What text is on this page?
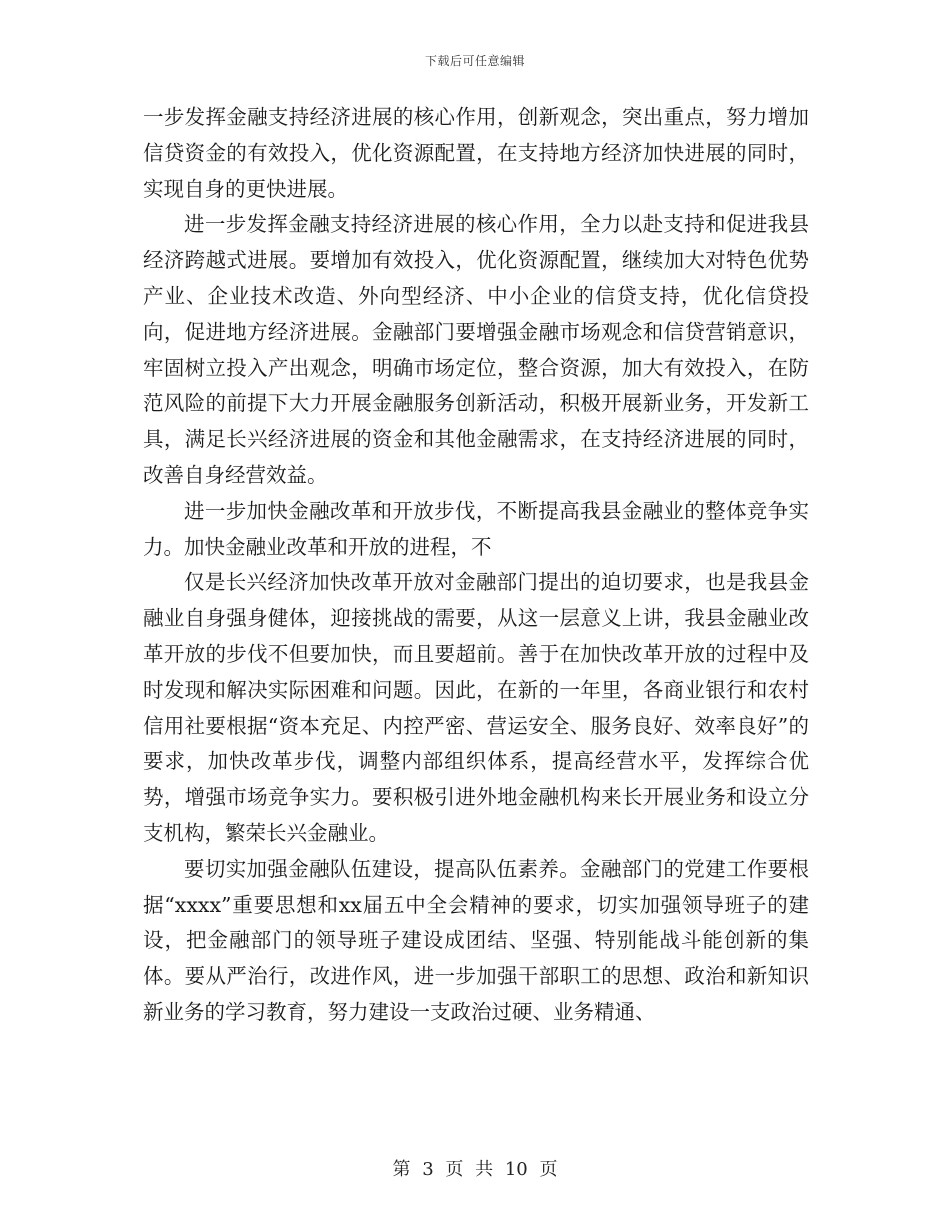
下载后可任意编辑

一步发挥金融支持经济进展的核心作用，创新观念，突出重点，努力增加信贷资金的有效投入，优化资源配置，在支持地方经济加快进展的同时，实现自身的更快进展。

进一步发挥金融支持经济进展的核心作用，全力以赴支持和促进我县经济跨越式进展。要增加有效投入，优化资源配置，继续加大对特色优势产业、企业技术改造、外向型经济、中小企业的信贷支持，优化信贷投向，促进地方经济进展。金融部门要增强金融市场观念和信贷营销意识，牢固树立投入产出观念，明确市场定位，整合资源，加大有效投入，在防范风险的前提下大力开展金融服务创新活动，积极开展新业务，开发新工具，满足长兴经济进展的资金和其他金融需求，在支持经济进展的同时，改善自身经营效益。

进一步加快金融改革和开放步伐，不断提高我县金融业的整体竞争实力。加快金融业改革和开放的进程，不

仅是长兴经济加快改革开放对金融部门提出的迫切要求，也是我县金融业自身强身健体，迎接挑战的需要，从这一层意义上讲，我县金融业改革开放的步伐不但要加快，而且要超前。善于在加快改革开放的过程中及时发现和解决实际困难和问题。因此，在新的一年里，各商业银行和农村信用社要根据“资本充足、内控严密、营运安全、服务良好、效率良好”的要求，加快改革步伐，调整内部组织体系，提高经营水平，发挥综合优势，增强市场竞争实力。要积极引进外地金融机构来长开展业务和设立分支机构，繁荣长兴金融业。

要切实加强金融队伍建设，提高队伍素养。金融部门的党建工作要根据“xxxx”重要思想和xx届五中全会精神的要求，切实加强领导班子的建设，把金融部门的领导班子建设成团结、坚强、特别能战斗能创新的集体。要从严治行，改进作风，进一步加强干部职工的思想、政治和新知识新业务的学习教育，努力建设一支政治过硬、业务精通、

第 3 页 共 10 页
